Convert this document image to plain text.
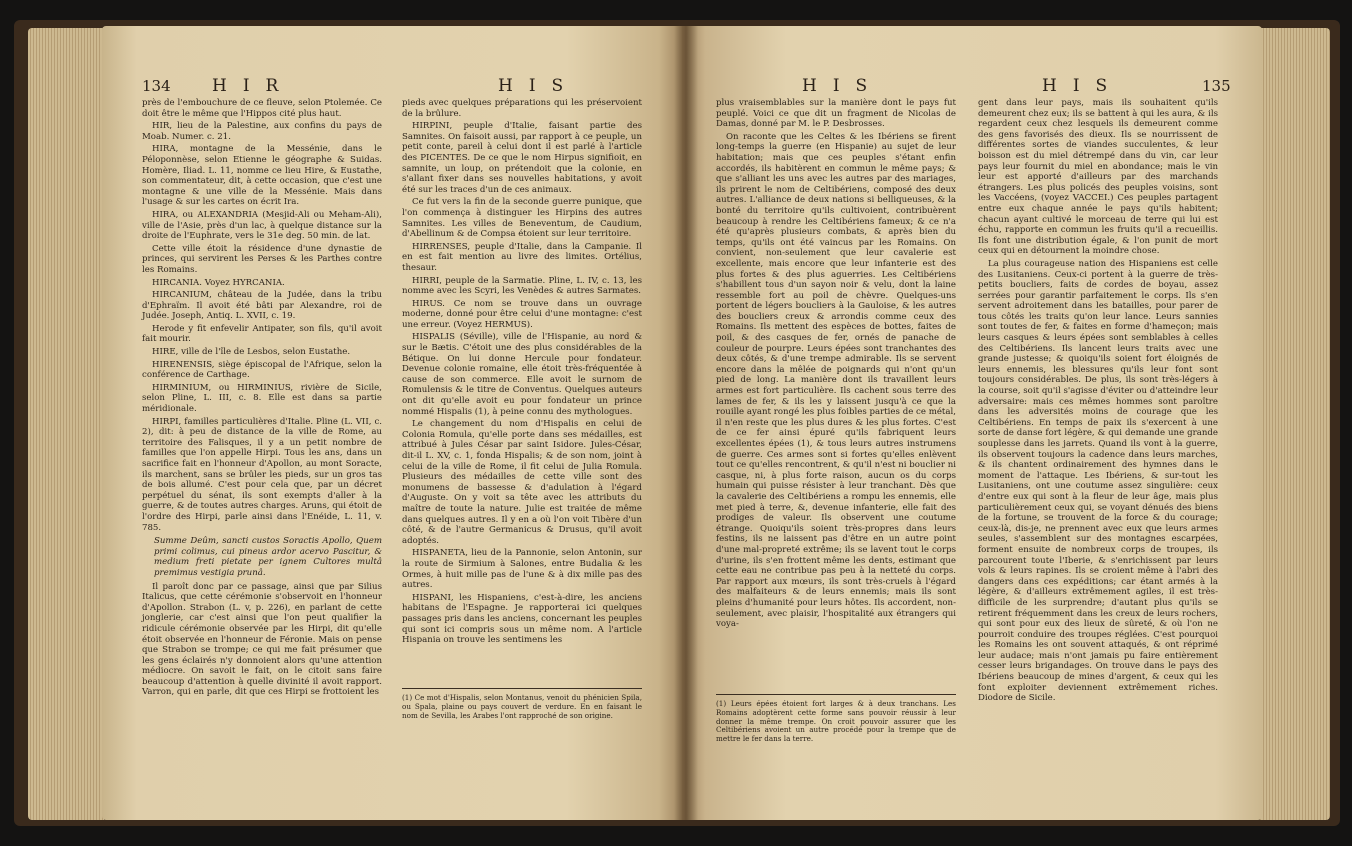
134 HIR	HIS

près de l'embouchure de ce fleuve, selon Ptolemée. Ce doit être le même que l'Hippos cité plus haut.

HIR, lieu de la Palestine, aux confins du pays de Moab. Numer. c. 21.

HIRA, montagne de la Messénie, dans le Péloponnèse, selon Etienne le géographe & Suidas. Homère, Iliad. L. 11, nomme ce lieu Hire, & Eustathe, son commentateur, dit, à cette occasion, que c'est une montagne & une ville de la Messénie. Mais dans l'usage & sur les cartes on écrit Ira.

HIRA, ou ALEXANDRIA (Mesjid-Ali ou Meham-Ali), ville de l'Asie, près d'un lac, à quelque distance sur la droite de l'Euphrate, vers le 31e deg. 50 min. de lat.

Cette ville étoit la résidence d'une dynastie de princes, qui servirent les Perses & les Parthes contre les Romains.

HIRCANIA. Voyez HYRCANIA.

HIRCANIUM, château de la Judée, dans la tribu d'Ephraïm. Il avoit été bâti par Alexandre, roi de Judée. Joseph, Antiq. L. XVII, c. 19.

Herode y fit enfevelir Antipater, son fils, qu'il avoit fait mourir.

HIRE, ville de l'île de Lesbos, selon Eustathe.

HIRENENSIS, siège épiscopal de l'Afrique, selon la conférence de Carthage.

HIRMINIUM, ou HIRMINIUS, rivière de Sicile, selon Pline, L. III, c. 8. Elle est dans sa partie méridionale.

HIRPI, familles particulières d'Italie. Pline (L. VII, c. 2), dit: à peu de distance de la ville de Rome, au territoire des Falisques, il y a un petit nombre de familles que l'on appelle Hirpi. Tous les ans, dans un sacrifice fait en l'honneur d'Apollon, au mont Soracte, ils marchent, sans se brûler les pieds, sur un gros tas de bois allumé. C'est pour cela que, par un décret perpétuel du sénat, ils sont exempts d'aller à la guerre, & de toutes autres charges. Aruns, qui étoit de l'ordre des Hirpi, parle ainsi dans l'Enéide, L. 11, v. 785.

Summe Deûm, sancti custos Soractis Apollo, Quem primi colimus, cui pineus ardor acervo Pascitur, & medium freti pietate per ignem Cultores multâ premimus vestigia prunâ.

Il paroît donc par ce passage, ainsi que par Silius Italicus, que cette cérémonie s'observoit en l'honneur d'Apollon. Strabon (L. v, p. 226), en parlant de cette jonglerie, car c'est ainsi que l'on peut qualifier la ridicule cérémonie observée par les Hirpi, dit qu'elle étoit observée en l'honneur de Féronie. Mais on pense que Strabon se trompe; ce qui me fait présumer que les gens éclairés n'y donnoient alors qu'une attention médiocre. On savoit le fait, on le citoit sans faire beaucoup d'attention à quelle divinité il avoit rapport. Varron, qui en parle, dit que ces Hirpi se frottoient les

pieds avec quelques préparations qui les préservoient de la brûlure.

HIRPINI, peuple d'Italie, faisant partie des Samnites. On faisoit aussi, par rapport à ce peuple, un petit conte, pareil à celui dont il est parlé à l'article des PICENTES. De ce que le nom Hirpus signifioit, en samnite, un loup, on prétendoit que la colonie, en s'allant fixer dans ses nouvelles habitations, y avoit été sur les traces d'un de ces animaux.

Ce fut vers la fin de la seconde guerre punique, que l'on commença à distinguer les Hirpins des autres Samnites. Les villes de Beneventum, de Caudium, d'Abellinum & de Compsa étoient sur leur territoire.

HIRRENSES, peuple d'Italie, dans la Campanie. Il en est fait mention au livre des limites. Ortélius, thesaur.

HIRRI, peuple de la Sarmatie. Pline, L. IV, c. 13, les nomme avec les Scyri, les Venèdes & autres Sarmates.

HIRUS. Ce nom se trouve dans un ouvrage moderne, donné pour être celui d'une montagne: c'est une erreur. (Voyez HERMUS).

HISPALIS (Séville), ville de l'Hispanie, au nord & sur le Bætis. C'étoit une des plus considérables de la Bétique. On lui donne Hercule pour fondateur. Devenue colonie romaine, elle étoit très-fréquentée à cause de son commerce. Elle avoit le surnom de Romulensis & le titre de Conventus. Quelques auteurs ont dit qu'elle avoit eu pour fondateur un prince nommé Hispalis (1), à peine connu des mythologues.

Le changement du nom d'Hispalis en celui de Colonia Romula, qu'elle porte dans ses médailles, est attribué à Jules César par saint Isidore. Jules-César, dit-il L. XV, c. 1, fonda Hispalis; & de son nom, joint à celui de la ville de Rome, il fit celui de Julia Romula. Plusieurs des médailles de cette ville sont des monumens de bassesse & d'adulation à l'égard d'Auguste. On y voit sa tête avec les attributs du maître de toute la nature. Julie est traitée de même dans quelques autres. Il y en a où l'on voit Tibère d'un côté, & de l'autre Germanicus & Drusus, qu'il avoit adoptés.

HISPANETA, lieu de la Pannonie, selon Antonin, sur la route de Sirmium à Salones, entre Budalia & les Ormes, à huit mille pas de l'une & à dix mille pas des autres.

HISPANI, les Hispaniens, c'est-à-dire, les anciens habitans de l'Espagne. Je rapporterai ici quelques passages pris dans les anciens, concernant les peuples qui sont ici compris sous un même nom. A l'article Hispania on trouve les sentimens les

(1) Ce mot d'Hispalis, selon Montanus, venoit du phénicien Spila, ou Spala, plaine ou pays couvert de verdure. En en faisant le nom de Sevilla, les Arabes l'ont rapproché de son origine.
HIS	HIS	135

plus vraisemblables sur la manière dont le pays fut peuplé. Voici ce que dit un fragment de Nicolas de Damas, donné par M. le P. Desbrosses.

On raconte que les Celtes & les Ibériens se firent long-temps la guerre (en Hispanie) au sujet de leur habitation; mais que ces peuples s'étant enfin accordés, ils habitèrent en commun le même pays; & que s'alliant les uns avec les autres par des mariages, ils prirent le nom de Celtibériens, composé des deux autres. L'alliance de deux nations si belliqueuses, & la bonté du territoire qu'ils cultivoient, contribuèrent beaucoup à rendre les Celtibériens fameux; & ce n'a été qu'après plusieurs combats, & après bien du temps, qu'ils ont été vaincus par les Romains. On convient, non-seulement que leur cavalerie est excellente, mais encore que leur infanterie est des plus fortes & des plus aguerries. Les Celtibériens s'habillent tous d'un sayon noir & velu, dont la laine ressemble fort au poil de chèvre. Quelques-uns portent de légers boucliers à la Gauloise, & les autres des boucliers creux & arrondis comme ceux des Romains. Ils mettent des espèces de bottes, faites de poil, & des casques de fer, ornés de panache de couleur de pourpre. Leurs épées sont tranchantes des deux côtés, & d'une trempe admirable. Ils se servent encore dans la mêlée de poignards qui n'ont qu'un pied de long. La manière dont ils travaillent leurs armes est fort particulière. Ils cachent sous terre des lames de fer, & ils les y laissent jusqu'à ce que la rouille ayant rongé les plus foibles parties de ce métal, il n'en reste que les plus dures & les plus fortes. C'est de ce fer ainsi épuré qu'ils fabriquent leurs excellentes épées (1), & tous leurs autres instrumens de guerre. Ces armes sont si fortes qu'elles enlèvent tout ce qu'elles rencontrent, & qu'il n'est ni bouclier ni casque, ni, à plus forte raison, aucun os du corps humain qui puisse résister à leur tranchant. Dès que la cavalerie des Celtibériens a rompu les ennemis, elle met pied à terre, &, devenue infanterie, elle fait des prodiges de valeur. Ils observent une coutume étrange. Quoiqu'ils soient très-propres dans leurs festins, ils ne laissent pas d'être en un autre point d'une mal-propreté extrême; ils se lavent tout le corps d'urine, ils s'en frottent même les dents, estimant que cette eau ne contribue pas peu à la netteté du corps. Par rapport aux mœurs, ils sont très-cruels à l'égard des malfaiteurs & de leurs ennemis; mais ils sont pleins d'humanité pour leurs hôtes. Ils accordent, non-seulement, avec plaisir, l'hospitalité aux étrangers qui voya-

gent dans leur pays, mais ils souhaitent qu'ils demeurent chez eux; ils se battent à qui les aura, & ils regardent ceux chez lesquels ils demeurent comme des gens favorisés des dieux. Ils se nourrissent de différentes sortes de viandes succulentes, & leur boisson est du miel détrempé dans du vin, car leur pays leur fournit du miel en abondance; mais le vin leur est apporté d'ailleurs par des marchands étrangers. Les plus policés des peuples voisins, sont les Vaccéens, (voyez VACCEI.) Ces peuples partagent entre eux chaque année le pays qu'ils habitent; chacun ayant cultivé le morceau de terre qui lui est échu, rapporte en commun les fruits qu'il a recueillis. Ils font une distribution égale, & l'on punit de mort ceux qui en détournent la moindre chose.

La plus courageuse nation des Hispaniens est celle des Lusitaniens. Ceux-ci portent à la guerre de très-petits boucliers, faits de cordes de boyau, assez serrées pour garantir parfaitement le corps. Ils s'en servent adroitement dans les batailles, pour parer de tous côtés les traits qu'on leur lance. Leurs sannies sont toutes de fer, & faites en forme d'hameçon; mais leurs casques & leurs épées sont semblables à celles des Celtibériens. Ils lancent leurs traits avec une grande justesse; & quoiqu'ils soient fort éloignés de leurs ennemis, les blessures qu'ils leur font sont toujours considérables. De plus, ils sont très-légers à la course, soit qu'il s'agisse d'éviter ou d'atteindre leur adversaire: mais ces mêmes hommes sont paroître dans les adversités moins de courage que les Celtibériens. En temps de paix ils s'exercent à une sorte de danse fort légère, & qui demande une grande souplesse dans les jarrets. Quand ils vont à la guerre, ils observent toujours la cadence dans leurs marches, & ils chantent ordinairement des hymnes dans le moment de l'attaque. Les Ibériens, & sur-tout les Lusitaniens, ont une coutume assez singulière: ceux d'entre eux qui sont à la fleur de leur âge, mais plus particulièrement ceux qui, se voyant dénués des biens de la fortune, se trouvent de la force & du courage; ceux-là, dis-je, ne prennent avec eux que leurs armes seules, s'assemblent sur des montagnes escarpées, forment ensuite de nombreux corps de troupes, ils parcourent toute l'Iberie, & s'enrichissent par leurs vols & leurs rapines. Ils se croient même à l'abri des dangers dans ces expéditions; car étant armés à la légère, & d'ailleurs extrêmement agiles, il est très-difficile de les surprendre; d'autant plus qu'ils se retirent fréquemment dans les creux de leurs rochers, qui sont pour eux des lieux de sûreté, & où l'on ne pourroit conduire des troupes réglées. C'est pourquoi les Romains les ont souvent attaqués, & ont réprimé leur audace; mais n'ont jamais pu faire entièrement cesser leurs brigandages. On trouve dans le pays des Ibériens beaucoup de mines d'argent, & ceux qui les font exploiter deviennent extrêmement riches. Diodore de Sicile.

(1) Leurs épées étoient fort larges & à deux tranchans. Les Romains adoptèrent cette forme sans pouvoir réussir à leur donner la même trempe. On croit pouvoir assurer que les Celtibériens avoient un autre procédé pour la trempe que de mettre le fer dans la terre.
